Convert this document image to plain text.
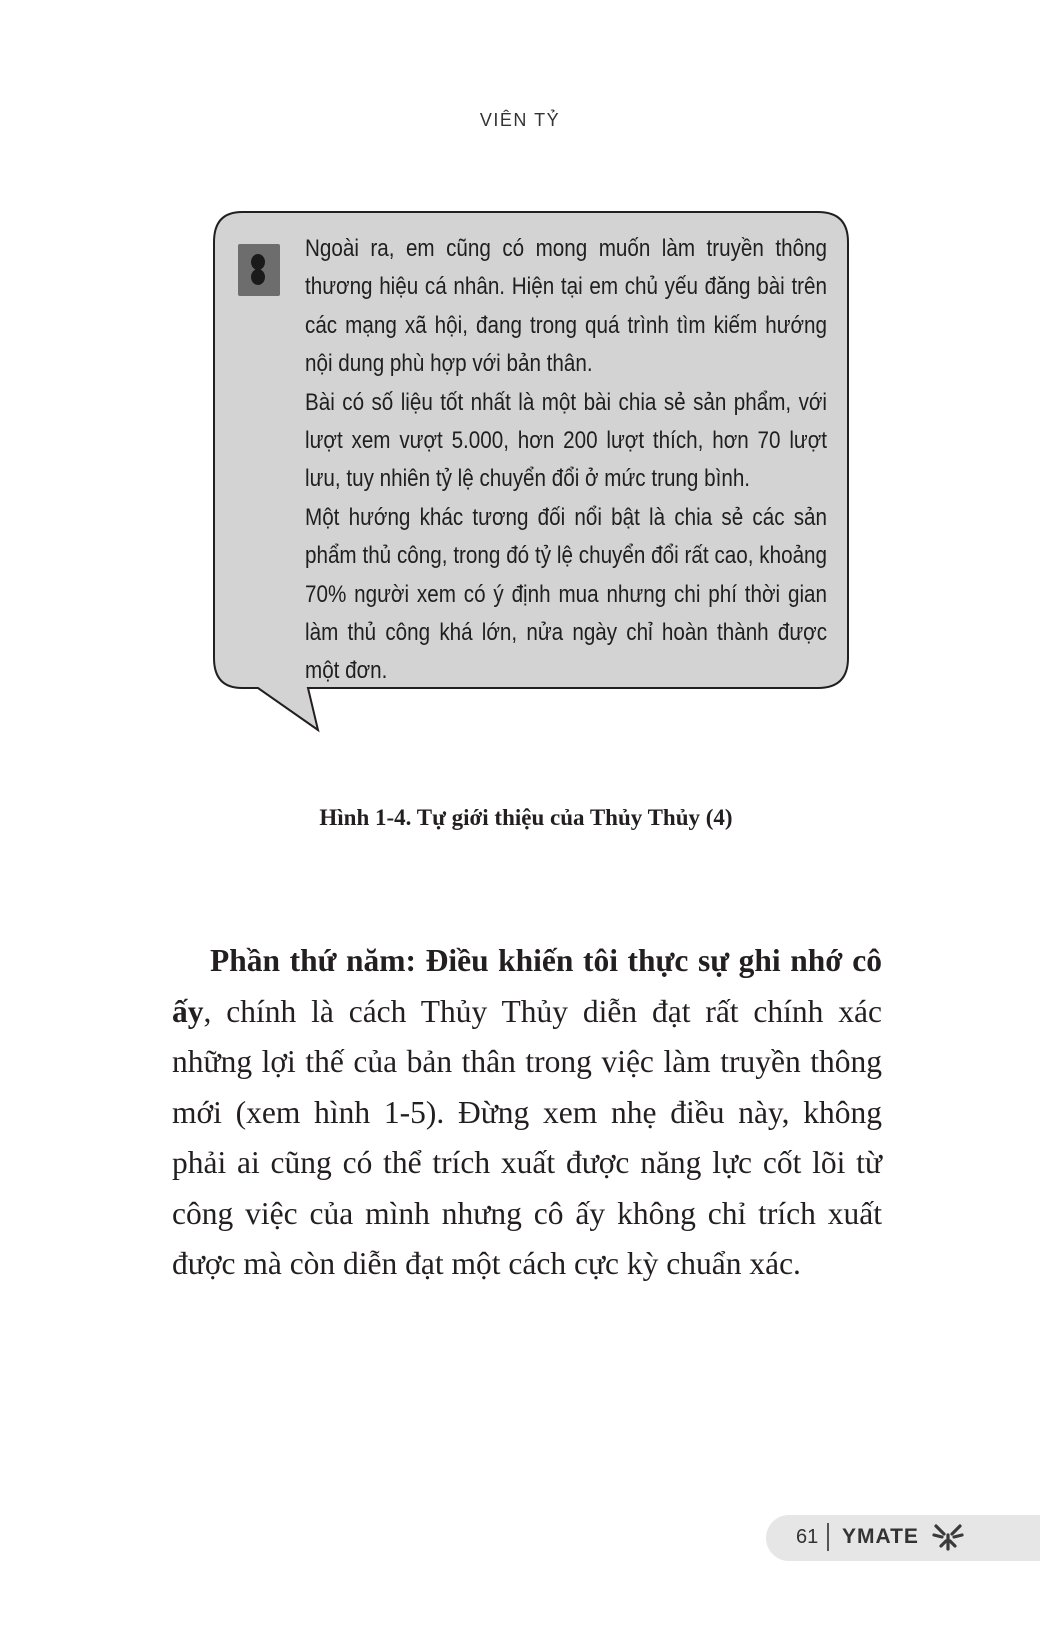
VIÊN TỶ

Ngoài ra, em cũng có mong muốn làm truyền thông thương hiệu cá nhân. Hiện tại em chủ yếu đăng bài trên các mạng xã hội, đang trong quá trình tìm kiếm hướng nội dung phù hợp với bản thân.

Bài có số liệu tốt nhất là một bài chia sẻ sản phẩm, với lượt xem vượt 5.000, hơn 200 lượt thích, hơn 70 lượt lưu, tuy nhiên tỷ lệ chuyển đổi ở mức trung bình.

Một hướng khác tương đối nổi bật là chia sẻ các sản phẩm thủ công, trong đó tỷ lệ chuyển đổi rất cao, khoảng 70% người xem có ý định mua nhưng chi phí thời gian làm thủ công khá lớn, nửa ngày chỉ hoàn thành được một đơn.

Hình 1-4. Tự giới thiệu của Thủy Thủy (4)
Phần thứ năm: Điều khiến tôi thực sự ghi nhớ cô ấy, chính là cách Thủy Thủy diễn đạt rất chính xác những lợi thế của bản thân trong việc làm truyền thông mới (xem hình 1-5). Đừng xem nhẹ điều này, không phải ai cũng có thể trích xuất được năng lực cốt lõi từ công việc của mình nhưng cô ấy không chỉ trích xuất được mà còn diễn đạt một cách cực kỳ chuẩn xác.
61 YMATE
